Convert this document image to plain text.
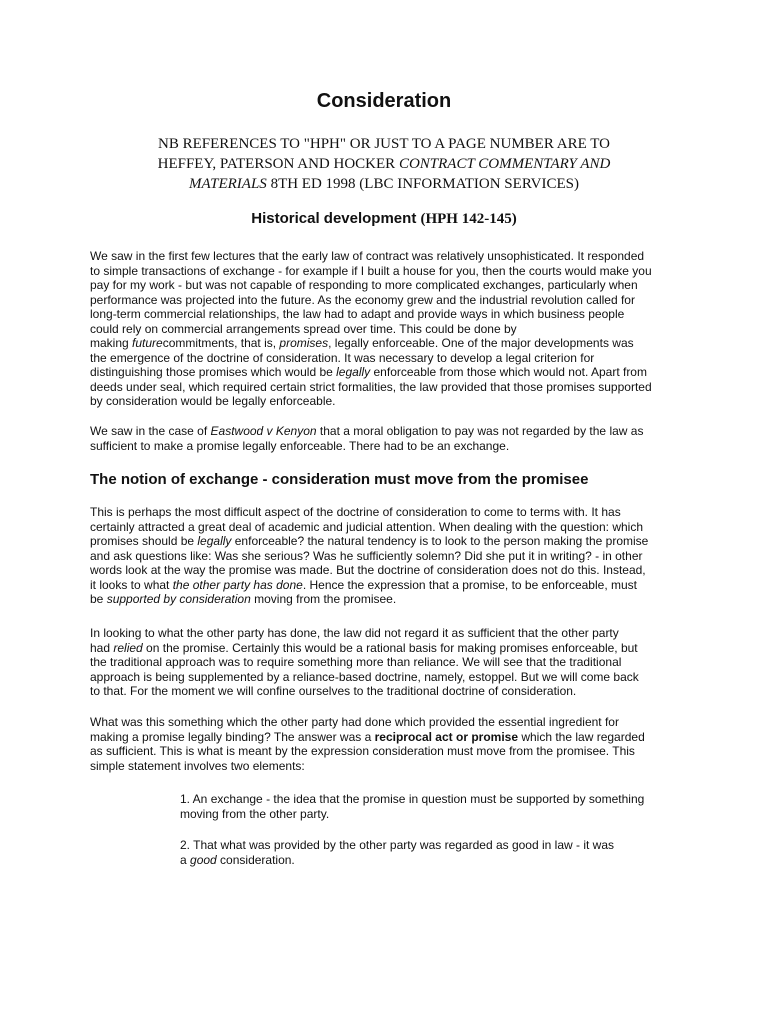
Consideration

NB REFERENCES TO "HPH" OR JUST TO A PAGE NUMBER ARE TO
HEFFEY, PATERSON AND HOCKER CONTRACT COMMENTARY AND
MATERIALS 8TH ED 1998 (LBC INFORMATION SERVICES)

Historical development (HPH 142-145)

We saw in the first few lectures that the early law of contract was relatively unsophisticated. It responded
to simple transactions of exchange - for example if I built a house for you, then the courts would make you
pay for my work - but was not capable of responding to more complicated exchanges, particularly when
performance was projected into the future. As the economy grew and the industrial revolution called for
long-term commercial relationships, the law had to adapt and provide ways in which business people
could rely on commercial arrangements spread over time. This could be done by
making futurecommitments, that is, promises, legally enforceable. One of the major developments was
the emergence of the doctrine of consideration. It was necessary to develop a legal criterion for
distinguishing those promises which would be legally enforceable from those which would not. Apart from
deeds under seal, which required certain strict formalities, the law provided that those promises supported
by consideration would be legally enforceable.

We saw in the case of Eastwood v Kenyon that a moral obligation to pay was not regarded by the law as
sufficient to make a promise legally enforceable. There had to be an exchange.

The notion of exchange - consideration must move from the promisee

This is perhaps the most difficult aspect of the doctrine of consideration to come to terms with. It has
certainly attracted a great deal of academic and judicial attention. When dealing with the question: which
promises should be legally enforceable? the natural tendency is to look to the person making the promise
and ask questions like: Was she serious? Was he sufficiently solemn? Did she put it in writing? - in other
words look at the way the promise was made. But the doctrine of consideration does not do this. Instead,
it looks to what the other party has done. Hence the expression that a promise, to be enforceable, must
be supported by consideration moving from the promisee.

In looking to what the other party has done, the law did not regard it as sufficient that the other party
had relied on the promise. Certainly this would be a rational basis for making promises enforceable, but
the traditional approach was to require something more than reliance. We will see that the traditional
approach is being supplemented by a reliance-based doctrine, namely, estoppel. But we will come back
to that. For the moment we will confine ourselves to the traditional doctrine of consideration.

What was this something which the other party had done which provided the essential ingredient for
making a promise legally binding? The answer was a reciprocal act or promise which the law regarded
as sufficient. This is what is meant by the expression consideration must move from the promisee. This
simple statement involves two elements:

1. An exchange - the idea that the promise in question must be supported by something
moving from the other party.

2. That what was provided by the other party was regarded as good in law - it was
a good consideration.
